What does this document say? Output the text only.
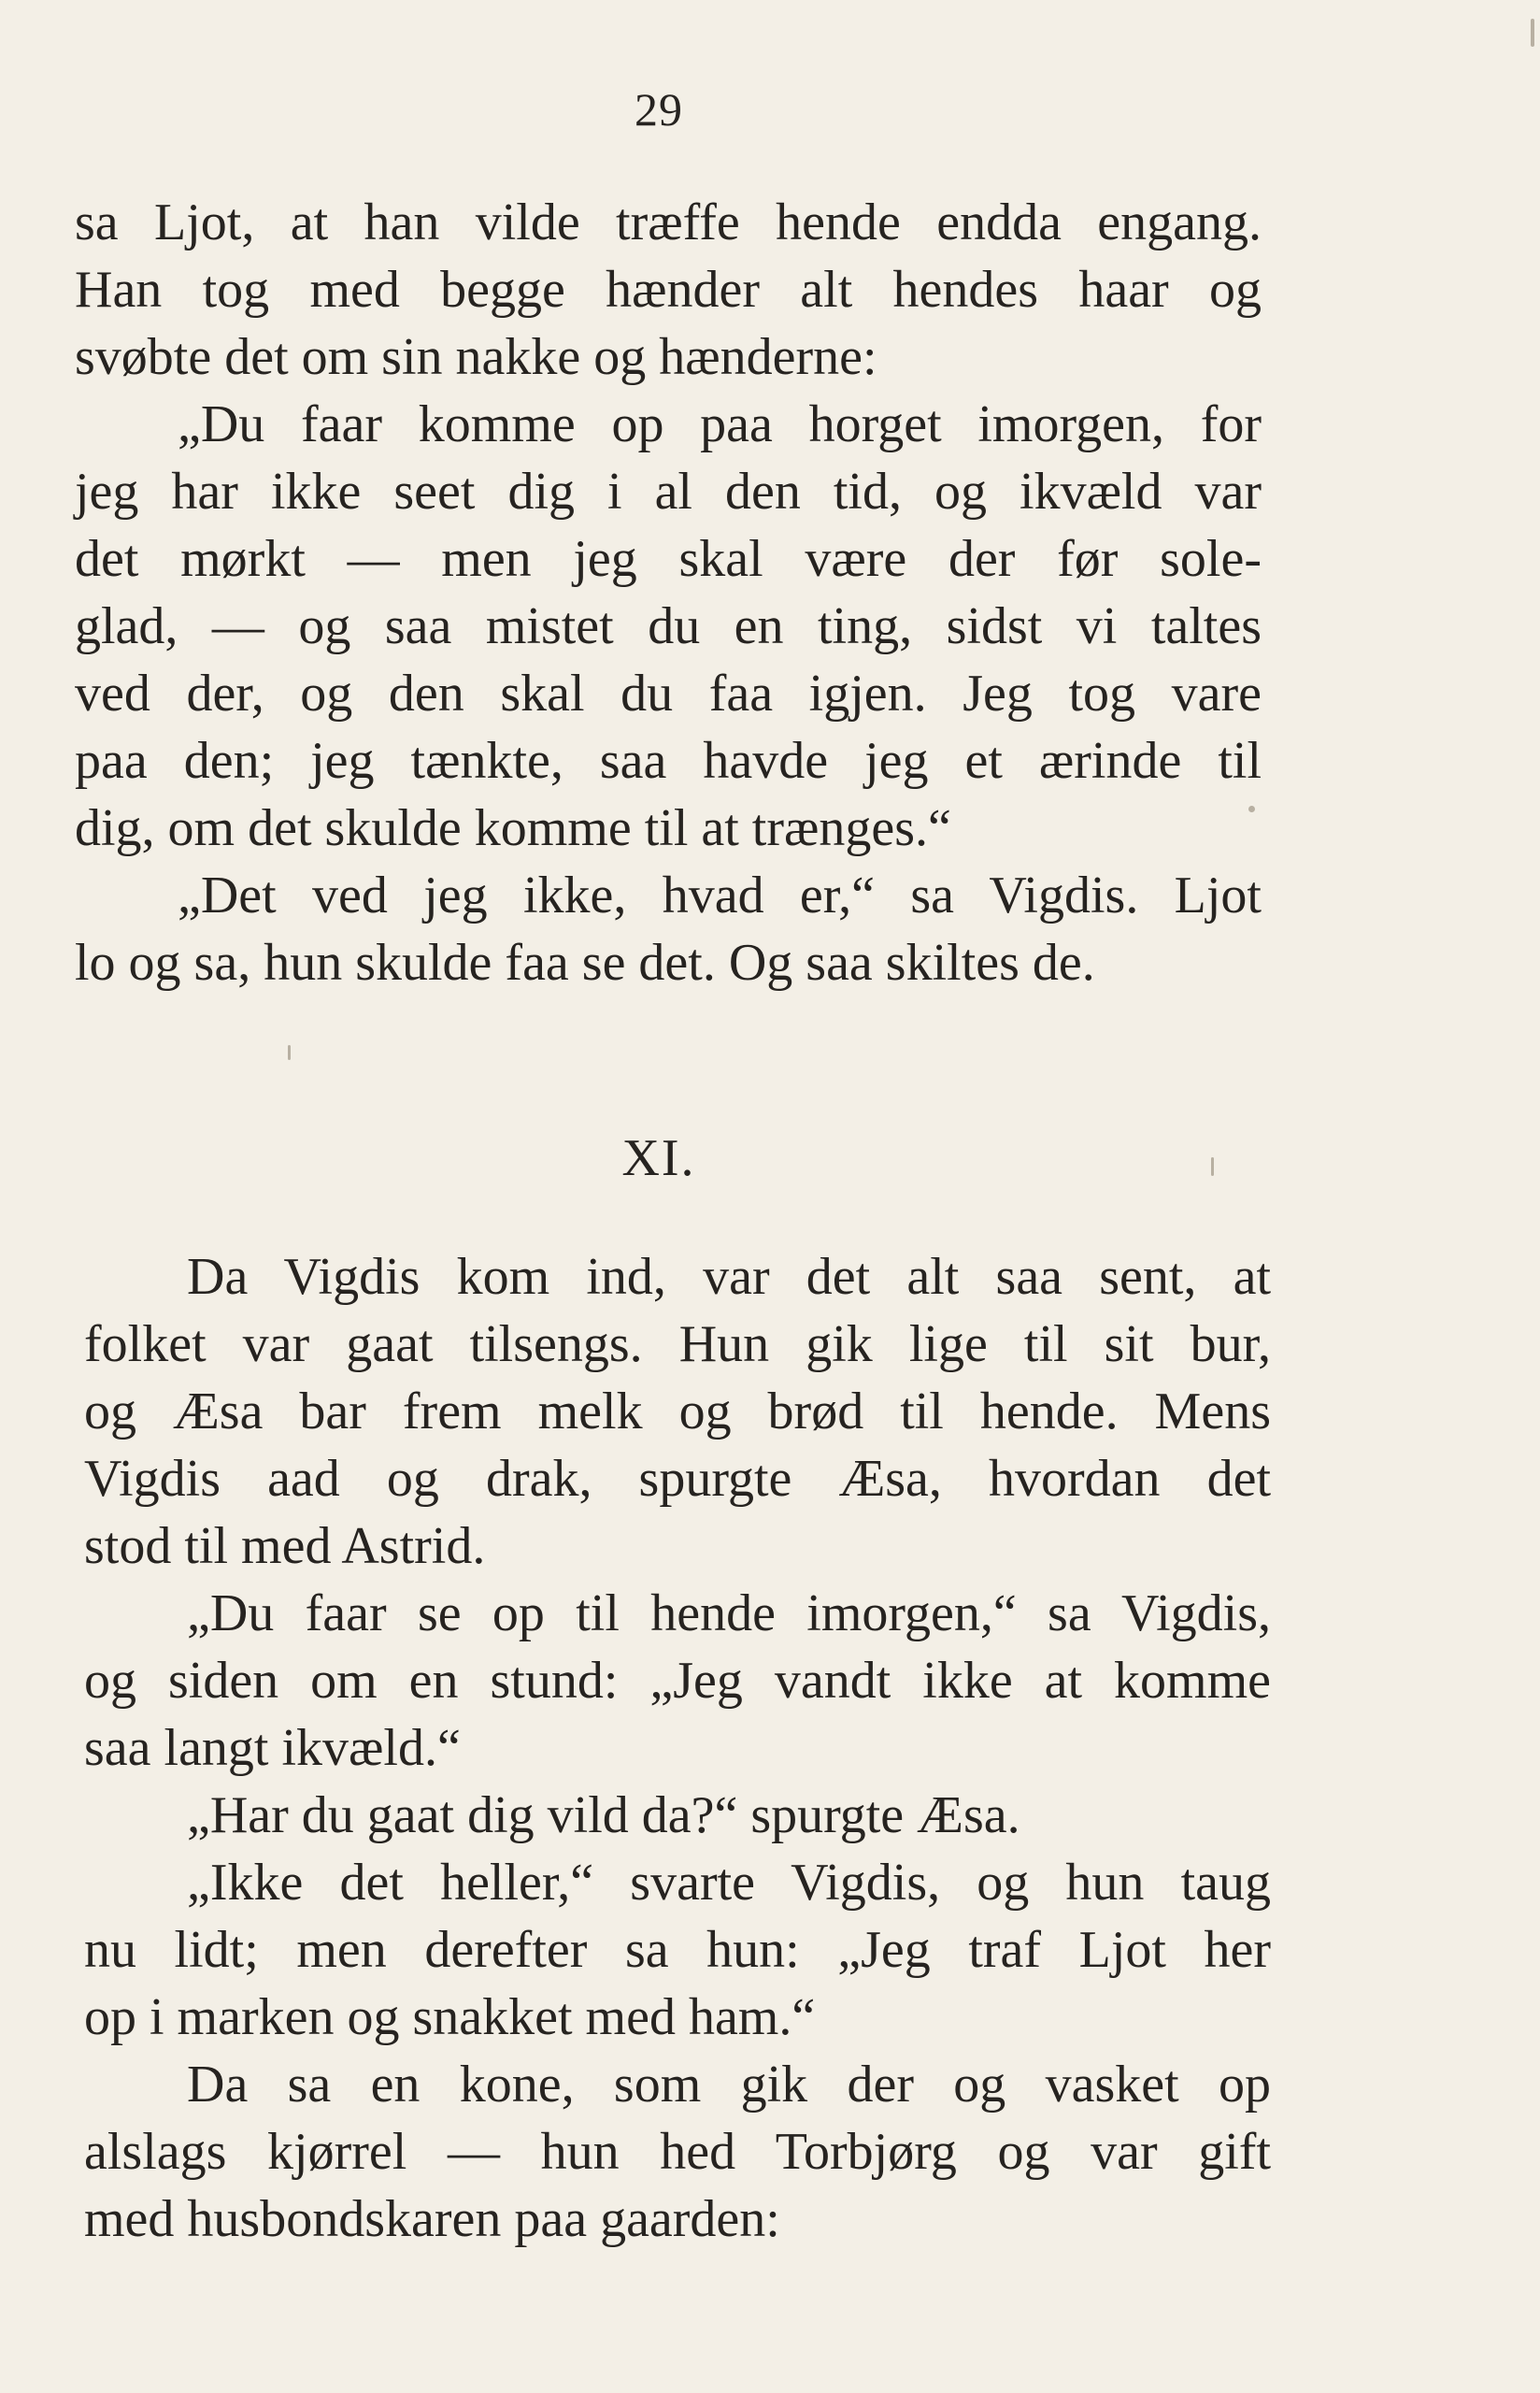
29
sa Ljot, at han vilde træffe hende endda engang.
Han tog med begge hænder alt hendes haar og
svøbte det om sin nakke og hænderne:
„Du faar komme op paa horget imorgen, for
jeg har ikke seet dig i al den tid, og ikvæld var
det mørkt — men jeg skal være der før sole-
glad, — og saa mistet du en ting, sidst vi taltes
ved der, og den skal du faa igjen. Jeg tog vare
paa den; jeg tænkte, saa havde jeg et ærinde til
dig, om det skulde komme til at trænges.“
„Det ved jeg ikke, hvad er,“ sa Vigdis. Ljot
lo og sa, hun skulde faa se det. Og saa skiltes de.
XI.
Da Vigdis kom ind, var det alt saa sent, at
folket var gaat tilsengs. Hun gik lige til sit bur,
og Æsa bar frem melk og brød til hende. Mens
Vigdis aad og drak, spurgte Æsa, hvordan det
stod til med Astrid.
„Du faar se op til hende imorgen,“ sa Vigdis,
og siden om en stund: „Jeg vandt ikke at komme
saa langt ikvæld.“
„Har du gaat dig vild da?“ spurgte Æsa.
„Ikke det heller,“ svarte Vigdis, og hun taug
nu lidt; men derefter sa hun: „Jeg traf Ljot her
op i marken og snakket med ham.“
Da sa en kone, som gik der og vasket op
alslags kjørrel — hun hed Torbjørg og var gift
med husbondskaren paa gaarden:
